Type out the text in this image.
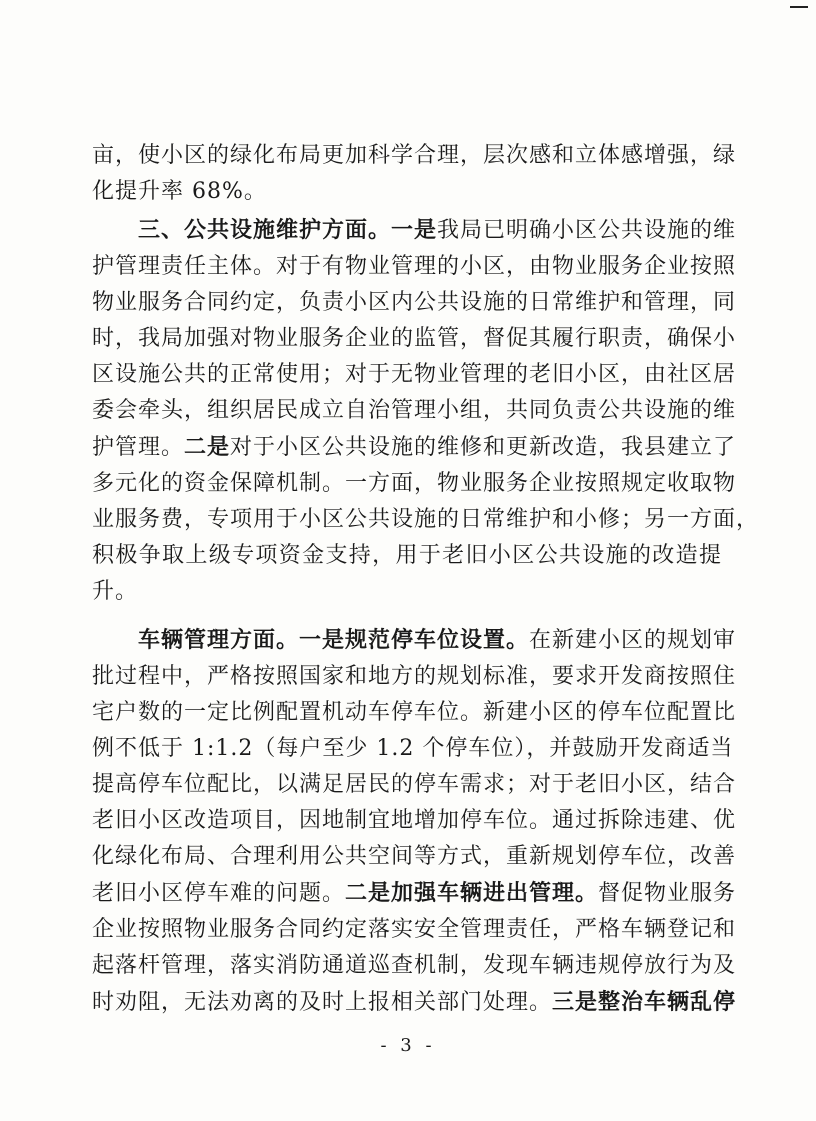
亩，使小区的绿化布局更加科学合理，层次感和立体感增强，绿
化提升率 68%。
三、公共设施维护方面。一是我局已明确小区公共设施的维
护管理责任主体。对于有物业管理的小区，由物业服务企业按照
物业服务合同约定，负责小区内公共设施的日常维护和管理，同
时，我局加强对物业服务企业的监管，督促其履行职责，确保小
区设施公共的正常使用；对于无物业管理的老旧小区，由社区居
委会牵头，组织居民成立自治管理小组，共同负责公共设施的维
护管理。二是对于小区公共设施的维修和更新改造，我县建立了
多元化的资金保障机制。一方面，物业服务企业按照规定收取物
业服务费，专项用于小区公共设施的日常维护和小修；另一方面，
积极争取上级专项资金支持，用于老旧小区公共设施的改造提
升。
车辆管理方面。一是规范停车位设置。在新建小区的规划审
批过程中，严格按照国家和地方的规划标准，要求开发商按照住
宅户数的一定比例配置机动车停车位。新建小区的停车位配置比
例不低于 1:1.2（每户至少 1.2 个停车位），并鼓励开发商适当
提高停车位配比，以满足居民的停车需求；对于老旧小区，结合
老旧小区改造项目，因地制宜地增加停车位。通过拆除违建、优
化绿化布局、合理利用公共空间等方式，重新规划停车位，改善
老旧小区停车难的问题。二是加强车辆进出管理。督促物业服务
企业按照物业服务合同约定落实安全管理责任，严格车辆登记和
起落杆管理，落实消防通道巡查机制，发现车辆违规停放行为及
时劝阻，无法劝离的及时上报相关部门处理。三是整治车辆乱停
- 3 -
